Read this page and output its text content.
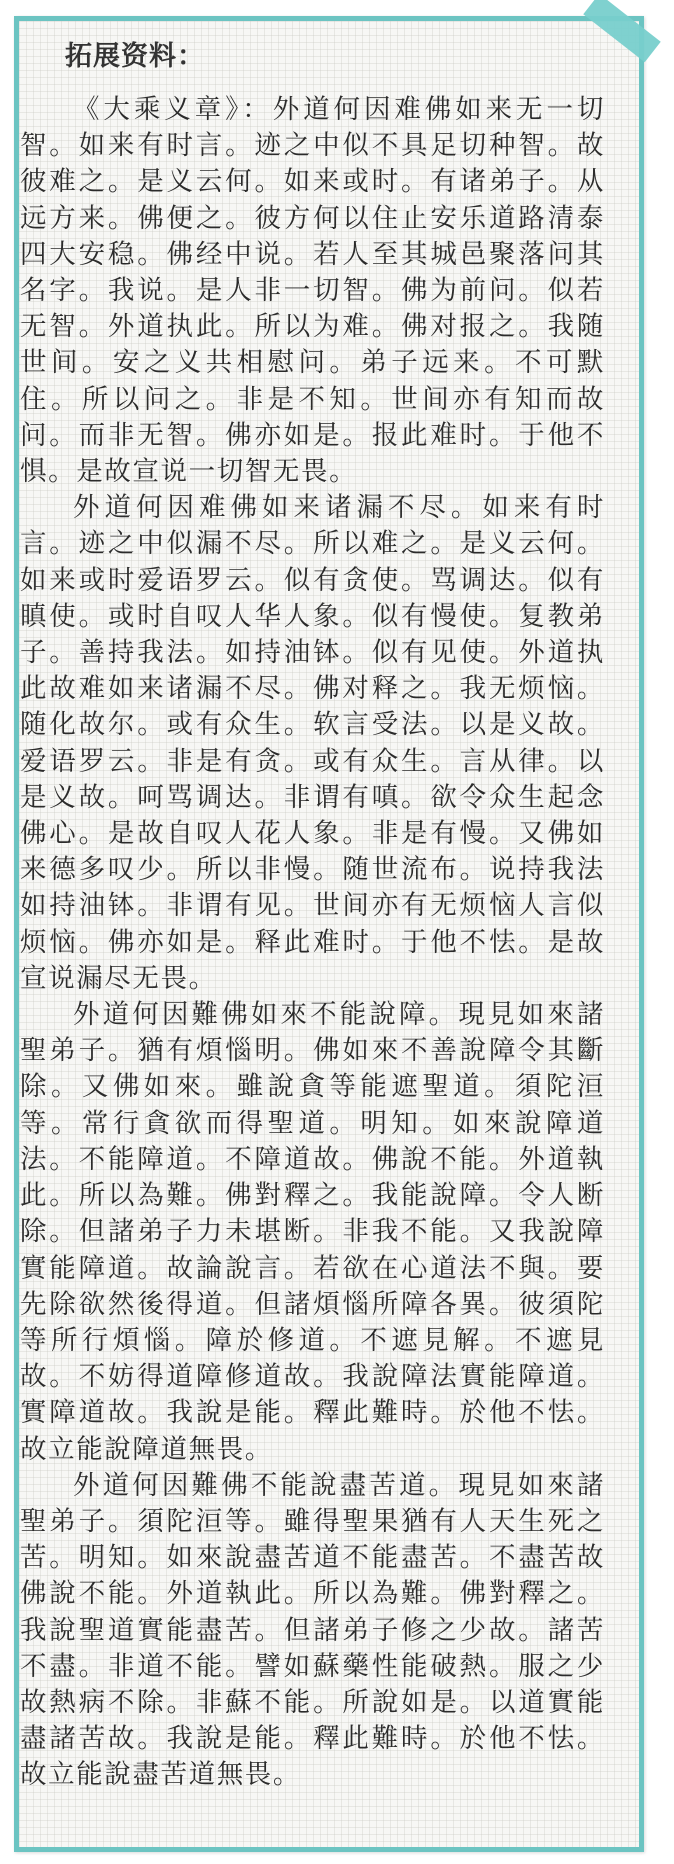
拓展资料：

《大乘义章》：外道何因难佛如来无一切智。如来有时言。迹之中似不具足切种智。故彼难之。是义云何。如来或时。有诸弟子。从远方来。佛便之。彼方何以住止安乐道路清泰四大安稳。佛经中说。若人至其城邑聚落问其名字。我说。是人非一切智。佛为前问。似若无智。外道执此。所以为难。佛对报之。我随世间。安之义共相慰问。弟子远来。不可默住。所以问之。非是不知。世间亦有知而故问。而非无智。佛亦如是。报此难时。于他不惧。是故宣说一切智无畏。

外道何因难佛如来诸漏不尽。如来有时言。迹之中似漏不尽。所以难之。是义云何。如来或时爱语罗云。似有贪使。骂调达。似有瞋使。或时自叹人华人象。似有慢使。复教弟子。善持我法。如持油钵。似有见使。外道执此故难如来诸漏不尽。佛对释之。我无烦恼。随化故尔。或有众生。软言受法。以是义故。爱语罗云。非是有贪。或有众生。言从律。以是义故。呵骂调达。非谓有嗔。欲令众生起念佛心。是故自叹人花人象。非是有慢。又佛如来德多叹少。所以非慢。随世流布。说持我法如持油钵。非谓有见。世间亦有无烦恼人言似烦恼。佛亦如是。释此难时。于他不怯。是故宣说漏尽无畏。

外道何因難佛如來不能說障。現見如來諸聖弟子。猶有煩惱明。佛如來不善說障令其斷除。又佛如來。雖說貪等能遮聖道。須陀洹等。常行貪欲而得聖道。明知。如來說障道法。不能障道。不障道故。佛說不能。外道執此。所以為難。佛對釋之。我能說障。令人断除。但諸弟子力未堪断。非我不能。又我說障實能障道。故論說言。若欲在心道法不與。要先除欲然後得道。但諸煩惱所障各異。彼須陀等所行煩惱。障於修道。不遮見解。不遮見故。不妨得道障修道故。我說障法實能障道。實障道故。我說是能。釋此難時。於他不怯。故立能說障道無畏。

外道何因難佛不能說盡苦道。現見如來諸聖弟子。須陀洹等。雖得聖果猶有人天生死之苦。明知。如來說盡苦道不能盡苦。不盡苦故佛說不能。外道執此。所以為難。佛對釋之。我說聖道實能盡苦。但諸弟子修之少故。諸苦不盡。非道不能。譬如蘇藥性能破熱。服之少故熱病不除。非蘇不能。所說如是。以道實能盡諸苦故。我說是能。釋此難時。於他不怯。故立能說盡苦道無畏。
